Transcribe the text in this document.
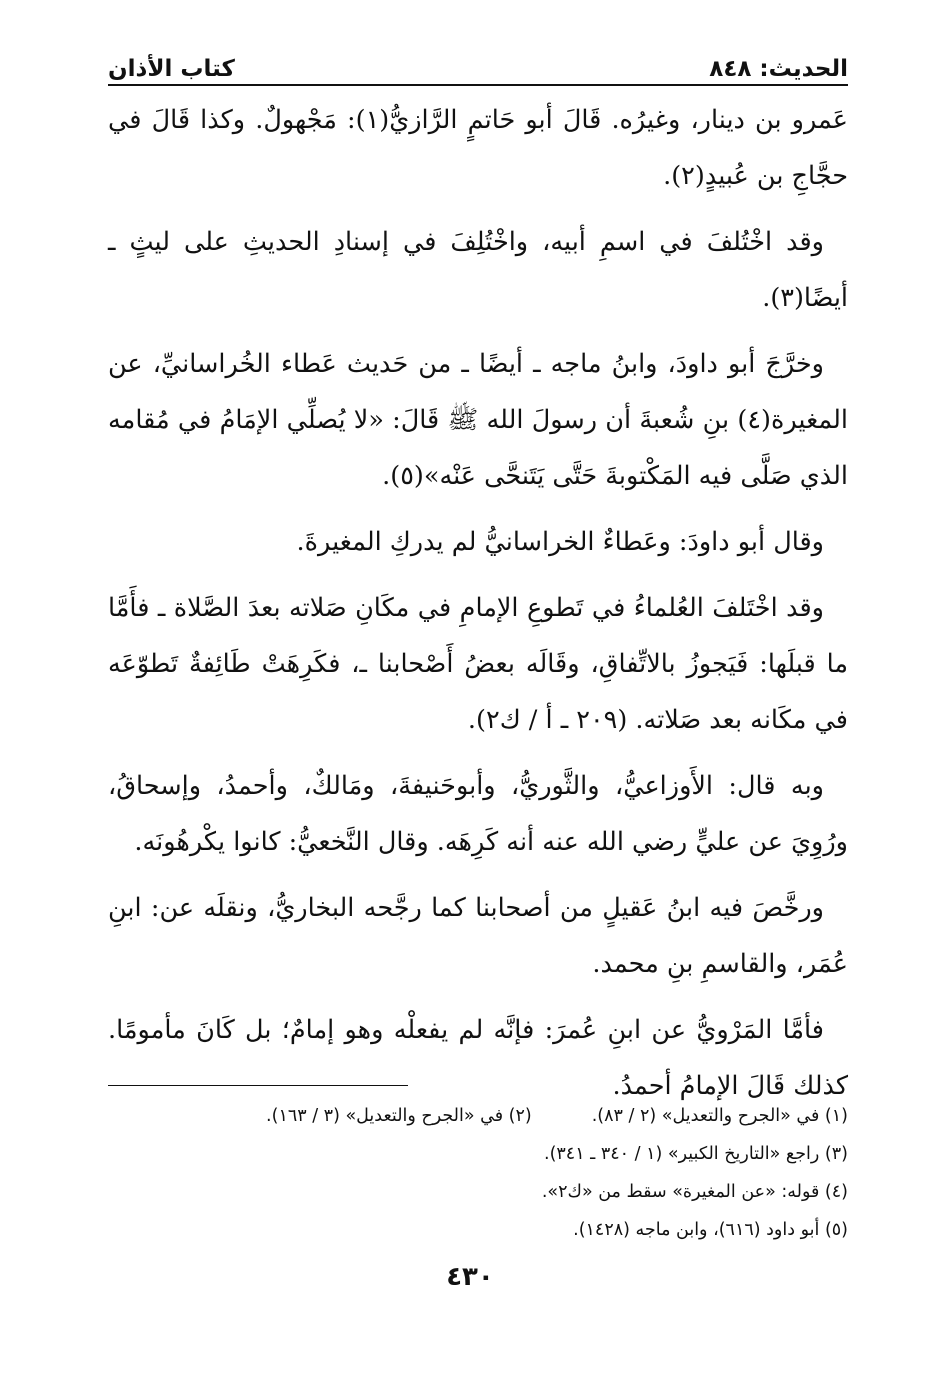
الحديث: ٨٤٨
كتاب الأذان

عَمرو بن دينار، وغيرُه. قَالَ أبو حَاتمٍ الرَّازيُّ(١): مَجْهولٌ. وكذا قَالَ في حجَّاجِ بن عُبيدٍ(٢).

وقد اخْتُلفَ في اسمِ أبيه، واخْتُلِفَ في إسنادِ الحديثِ على ليثٍ ـ أيضًا(٣).

وخرَّجَ أبو داودَ، وابنُ ماجه ـ أيضًا ـ من حَديث عَطاء الخُراسانيِّ، عن المغيرة(٤) بنِ شُعبةَ أن رسولَ الله ﷺ قَالَ: «لا يُصلِّي الإمَامُ في مُقامه الذي صَلَّى فيه المَكْتوبةَ حَتَّى يَتَنحَّى عَنْه»(٥).

وقال أبو داودَ: وعَطاءٌ الخراسانيُّ لم يدركِ المغيرةَ.

وقد اخْتَلفَ العُلماءُ في تَطوعِ الإمامِ في مكَانِ صَلاته بعدَ الصَّلاة ـ فأَمَّا ما قبلَها: فَيَجوزُ بالاتِّفاقِ، وقَالَه بعضُ أَصْحابنا ـ، فكَرِهَتْ طَائِفةٌ تَطوّعَه في مكَانه بعد صَلاته. (٢٠٩ ـ أ / ك٢).

وبه قال: الأَوزاعيُّ، والثَّوريُّ، وأبوحَنيفةَ، ومَالكٌ، وأحمدُ، وإسحاقُ، ورُوِيَ عن عليٍّ رضي الله عنه أنه كَرِهَه. وقال النَّخعيُّ: كانوا يكْرهُونَه.

ورخَّصَ فيه ابنُ عَقيلٍ من أصحابنا كما رجَّحه البخاريُّ، ونقلَه عن: ابنِ عُمَر، والقاسمِ بنِ محمد.

فأمَّا المَرْويُّ عن ابنِ عُمرَ: فإنَّه لم يفعلْه وهو إمامٌ؛ بل كَانَ مأمومًا. كذلك قَالَ الإمامُ أحمدُ.

(١) في «الجرح والتعديل» (٢ / ٨٣).
(٢) في «الجرح والتعديل» (٣ / ١٦٣).
(٣) راجع «التاريخ الكبير» (١ / ٣٤٠ ـ ٣٤١).
(٤) قوله: «عن المغيرة» سقط من «ك٢».
(٥) أبو داود (٦١٦)، وابن ماجه (١٤٢٨).
٤٣٠
